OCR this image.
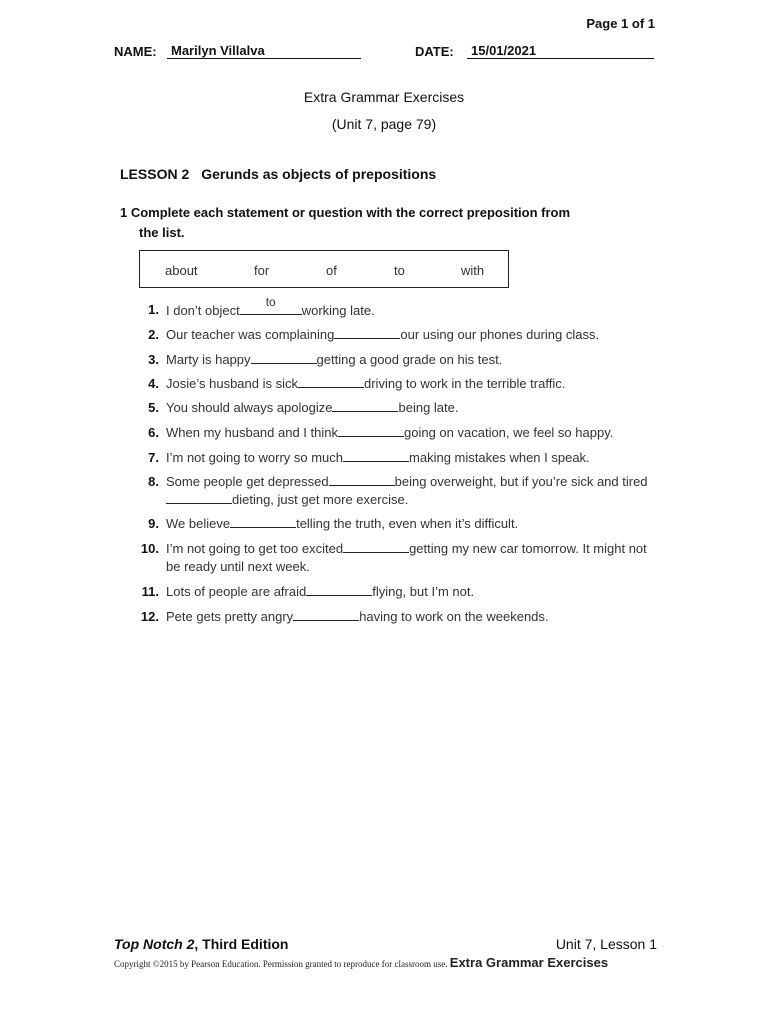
Page 1 of 1
NAME:	Marilyn Villalva	DATE:	15/01/2021
Extra Grammar Exercises
(Unit 7, page 79)
LESSON 2 Gerunds as objects of prepositions
1 Complete each statement or question with the correct preposition from
the list.
about	for	of	to	with
1. I don’t object
to
working late.
2. Our teacher was complaining	our using our phones during class.
3. Marty is happy	getting a good grade on his test.
4. Josie’s husband is sick	driving to work in the terrible traffic.
5. You should always apologize	being late.
6. When my husband and I think	going on vacation, we feel so happy.
7. I’m not going to worry so much	making mistakes when I speak.
8. Some people get depressed	being overweight, but if you’re sick and tireddieting, just get more exercise.
9. We believe	telling the truth, even when it’s difficult.
10. I’m not going to get too excited	getting my new car tomorrow. It might not be ready until next week.
11. Lots of people are afraid	flying, but I’m not.
12. Pete gets pretty angry	having to work on the weekends.
Top Notch 2, Third Edition	Unit 7, Lesson 1
Copyright ©2015 by Pearson Education. Permission granted to reproduce for classroom use. Extra Grammar Exercises
